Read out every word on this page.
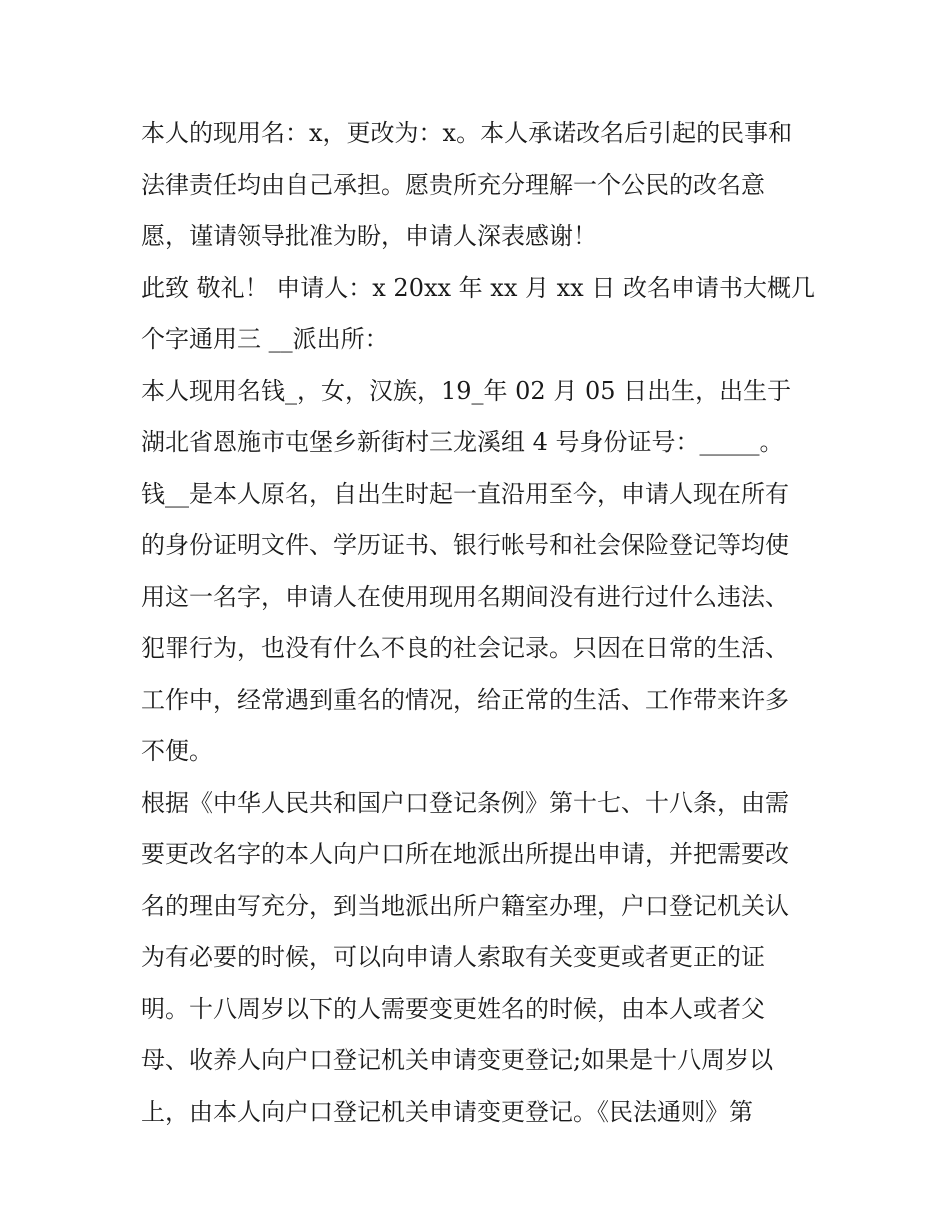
本人的现用名：x，更改为：x。本人承诺改名后引起的民事和
法律责任均由自己承担。愿贵所充分理解一个公民的改名意
愿，谨请领导批准为盼，申请人深表感谢！
此致 敬礼！ 申请人：x 20xx 年 xx 月 xx 日 改名申请书大概几
个字通用三 __派出所：
本人现用名钱_，女，汉族，19_年 02 月 05 日出生，出生于
湖北省恩施市屯堡乡新街村三龙溪组 4 号身份证号：_____。
钱__是本人原名，自出生时起一直沿用至今，申请人现在所有
的身份证明文件、学历证书、银行帐号和社会保险登记等均使
用这一名字，申请人在使用现用名期间没有进行过什么违法、
犯罪行为，也没有什么不良的社会记录。只因在日常的生活、
工作中，经常遇到重名的情况，给正常的生活、工作带来许多
不便。
根据《中华人民共和国户口登记条例》第十七、十八条，由需
要更改名字的本人向户口所在地派出所提出申请，并把需要改
名的理由写充分，到当地派出所户籍室办理，户口登记机关认
为有必要的时候，可以向申请人索取有关变更或者更正的证
明。十八周岁以下的人需要变更姓名的时候，由本人或者父
母、收养人向户口登记机关申请变更登记;如果是十八周岁以
上，由本人向户口登记机关申请变更登记。《民法通则》第
